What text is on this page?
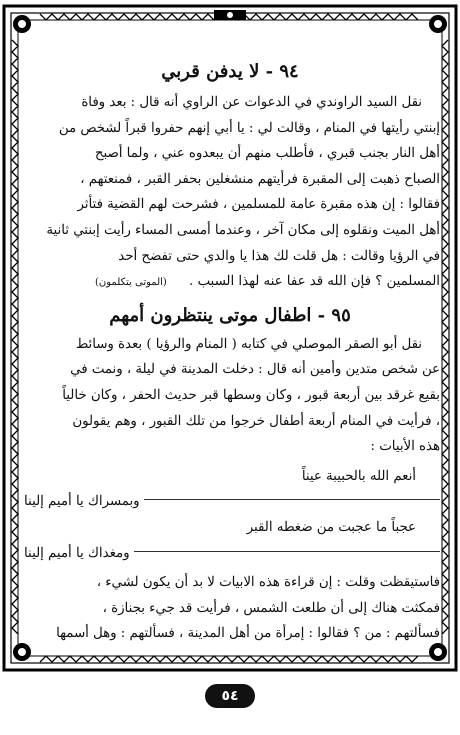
٩٤ - لا يدفن قربي
نقل السيد الراوندي في الدعوات عن الراوي أنه قال : بعد وفاة
إبنتي رأيتها في المنام ، وقالت لي : يا أبي إنهم حفروا قبراً لشخص من
أهل النار بجنب قبري ، فأطلب منهم أن يبعدوه عني ، ولما أصبح
الصباح ذهبت إلى المقبرة فرأيتهم منشغلين بحفر القبر ، فمنعتهم ،
فقالوا : إن هذه مقبرة عامة للمسلمين ، فشرحت لهم القضية فتأثر
أهل الميت ونقلوه إلى مكان آخر ، وعندما أمسى المساء رأيت إبنتي ثانية
في الرؤيا وقالت : هل قلت لك هذا يا والدي حتى تفضح أحد
المسلمين ؟ فإن الله قد عفا عنه لهذا السبب . (الموتى يتكلمون)
٩٥ - اطفال موتى ينتظرون أمهم
نقل أبو الصقر الموصلي في كتابه ( المنام والرؤيا ) بعدة وسائط
عن شخص متدين وأمين أنه قال : دخلت المدينة في ليلة ، ونمت في
بقيع غرقد بين أربعة قبور ، وكان وسطها قبر حديث الحفر ، وكان خالياً
، فرأيت في المنام أربعة أطفال خرجوا من تلك القبور ، وهم يقولون
هذه الأبيات :
أنعم الله بالحبيبة عيناً
وبمسراك يا أميم إلينا
عجباً ما عجبت من ضغطه القبر
ومغداك يا أميم إلينا
فاستيقظت وقلت : إن قراءة هذه الابيات لا بد أن يكون لشيء ،
فمكثت هناك إلى أن طلعت الشمس ، فرأيت قد جيء بجنازة ،
فسألتهم : من ؟ فقالوا : إمرأة من أهل المدينة ، فسألتهم : وهل أسمها
٥٤
